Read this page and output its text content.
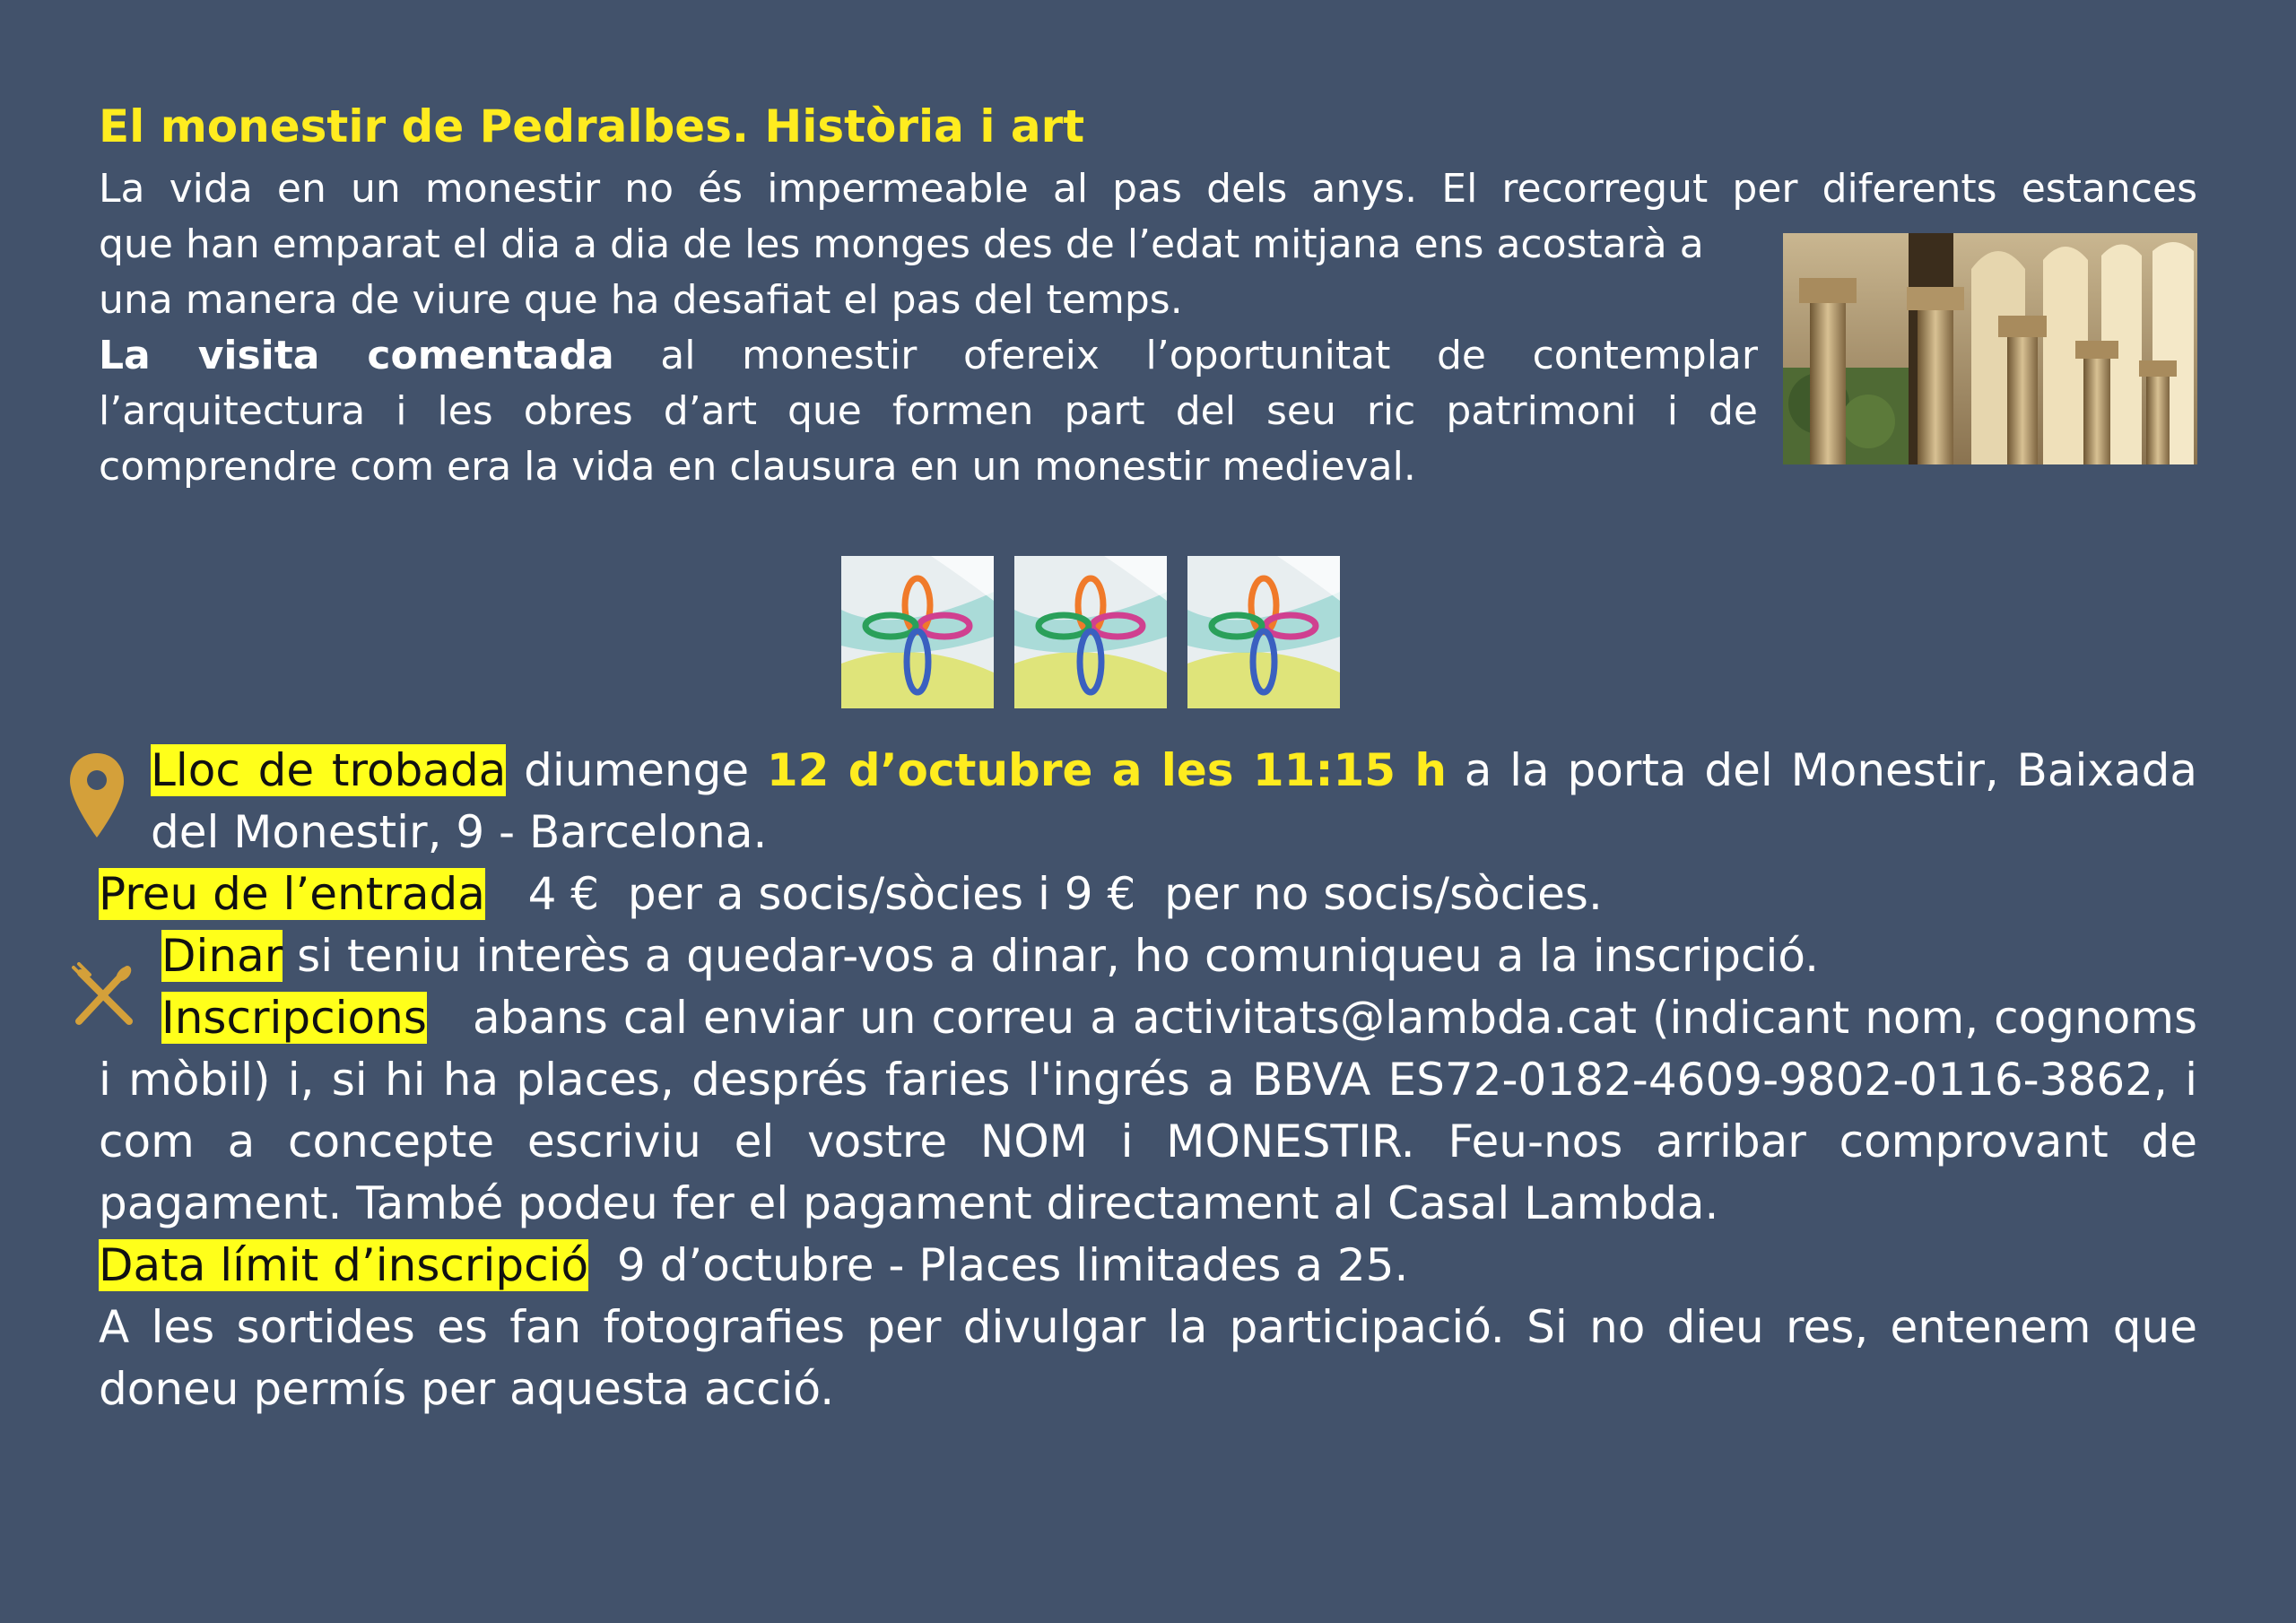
El monestir de Pedralbes. Història i art
La vida en un monestir no és impermeable al pas dels anys. El recorregut per diferents estances

que han emparat el dia a dia de les monges des de l’edat mitjana ens acostarà a una manera de viure que ha desafiat el pas del temps.

La visita comentada al monestir ofereix l’oportunitat de contemplar l’arquitectura i les obres d’art que formen part del seu ric patrimoni i de comprendre com era la vida en clausura en un monestir medieval.

Lloc de trobada diumenge 12 d’octubre a les 11:15 h a la porta del Monestir, Baixada del Monestir, 9 - Barcelona.

Preu de l’entrada   4 €  per a socis/sòcies i 9 €  per no socis/sòcies.

Dinar si teniu interès a quedar-vos a dinar, ho comuniqueu a la inscripció.

Inscripcions   abans cal enviar un correu a activitats@lambda.cat (indicant nom, cognoms i mòbil) i, si hi ha places, després faries l'ingrés a BBVA ES72-0182-4609-9802-0116-3862, i com a concepte escriviu el vostre NOM i MONESTIR. Feu-nos arribar comprovant de pagament. També podeu fer el pagament directament al Casal Lambda.

Data límit d’inscripció  9 d’octubre - Places limitades a 25.

A les sortides es fan fotografies per divulgar la participació. Si no dieu res, entenem que doneu permís per aquesta acció.
